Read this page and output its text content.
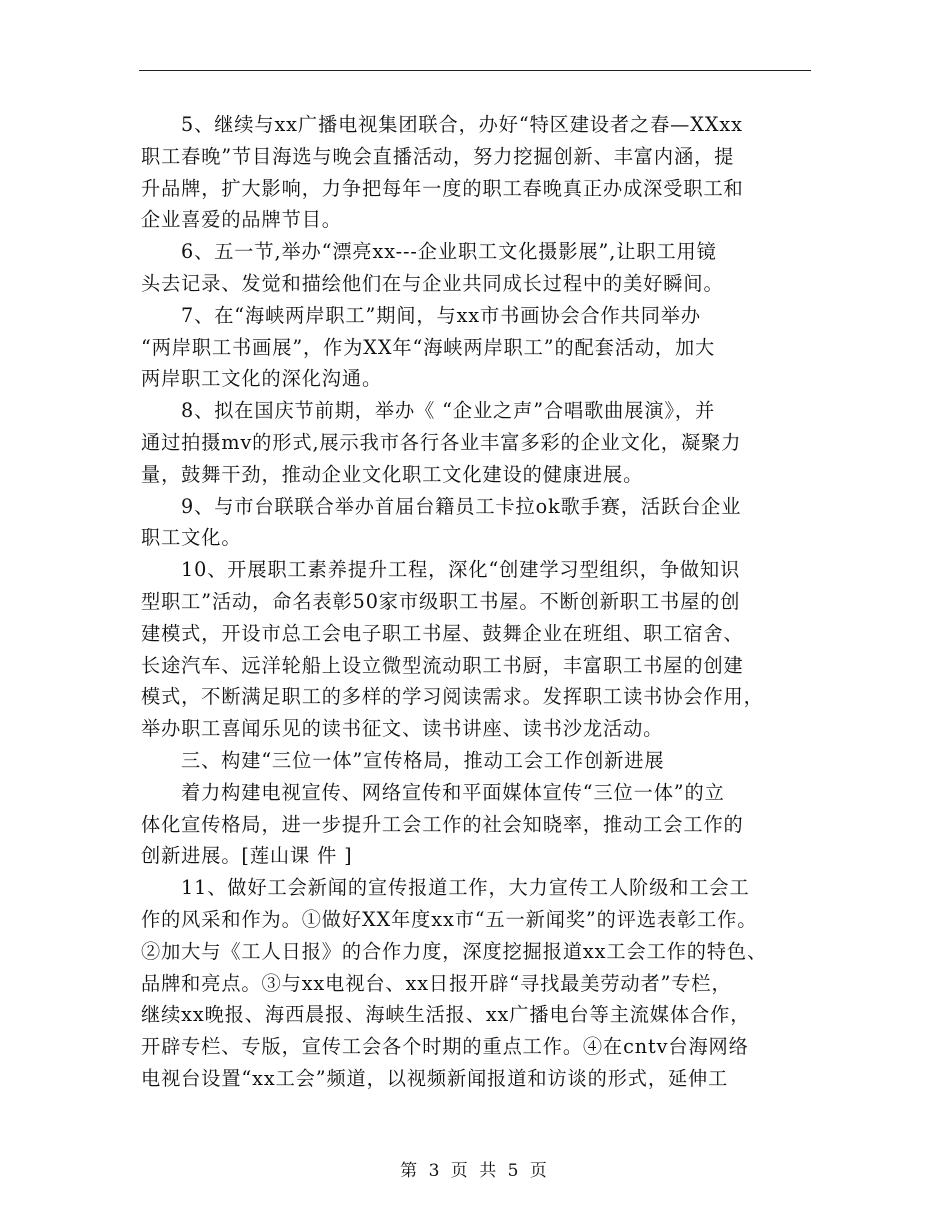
5、继续与xx广播电视集团联合，办好“特区建设者之春—XXxx
职工春晚”节目海选与晚会直播活动，努力挖掘创新、丰富内涵，提
升品牌，扩大影响，力争把每年一度的职工春晚真正办成深受职工和
企业喜爱的品牌节目。
6、五一节,举办“漂亮xx---企业职工文化摄影展”,让职工用镜
头去记录、发觉和描绘他们在与企业共同成长过程中的美好瞬间。
7、在“海峡两岸职工”期间，与xx市书画协会合作共同举办
“两岸职工书画展”，作为XX年“海峡两岸职工”的配套活动，加大
两岸职工文化的深化沟通。
8、拟在国庆节前期，举办《 “企业之声”合唱歌曲展演》，并
通过拍摄mv的形式,展示我市各行各业丰富多彩的企业文化，凝聚力
量，鼓舞干劲，推动企业文化职工文化建设的健康进展。
9、与市台联联合举办首届台籍员工卡拉ok歌手赛，活跃台企业
职工文化。
10、开展职工素养提升工程，深化“创建学习型组织，争做知识
型职工”活动，命名表彰50家市级职工书屋。不断创新职工书屋的创
建模式，开设市总工会电子职工书屋、鼓舞企业在班组、职工宿舍、
长途汽车、远洋轮船上设立微型流动职工书厨，丰富职工书屋的创建
模式，不断满足职工的多样的学习阅读需求。发挥职工读书协会作用，
举办职工喜闻乐见的读书征文、读书讲座、读书沙龙活动。
三、构建“三位一体”宣传格局，推动工会工作创新进展
着力构建电视宣传、网络宣传和平面媒体宣传“三位一体”的立
体化宣传格局，进一步提升工会工作的社会知晓率，推动工会工作的
创新进展。[莲山课 件 ]
11、做好工会新闻的宣传报道工作，大力宣传工人阶级和工会工
作的风采和作为。①做好XX年度xx市“五一新闻奖”的评选表彰工作。
②加大与《工人日报》的合作力度，深度挖掘报道xx工会工作的特色、
品牌和亮点。③与xx电视台、xx日报开辟“寻找最美劳动者”专栏，
继续xx晚报、海西晨报、海峡生活报、xx广播电台等主流媒体合作，
开辟专栏、专版，宣传工会各个时期的重点工作。④在cntv台海网络
电视台设置“xx工会”频道，以视频新闻报道和访谈的形式，延伸工
第 3 页 共 5 页
